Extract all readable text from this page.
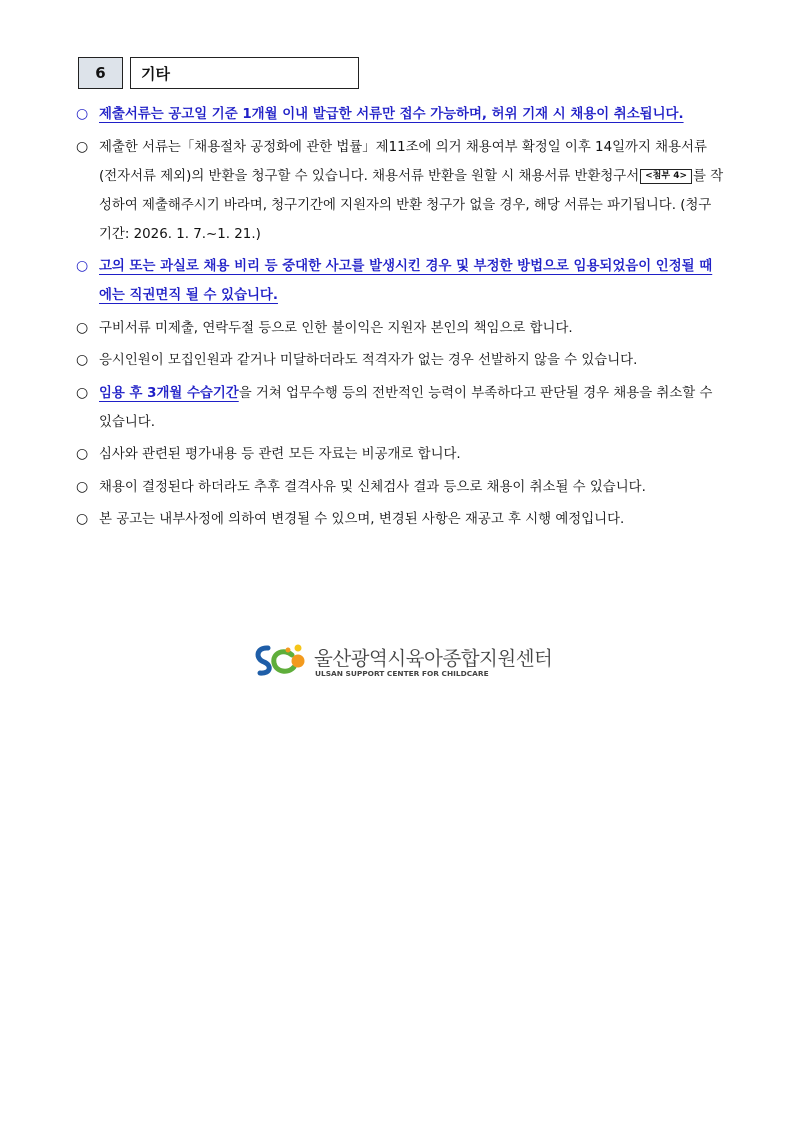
6	기타
○ 제출서류는 공고일 기준 1개월 이내 발급한 서류만 접수 가능하며, 허위 기재 시 채용이 취소됩니다.
○ 제출한 서류는「채용절차 공정화에 관한 법률」제11조에 의거 채용여부 확정일 이후 14일까지 채용서류(전자서류 제외)의 반환을 청구할 수 있습니다. 채용서류 반환을 원할 시 채용서류 반환청구서 <첨부 4> 를 작성하여 제출해주시기 바라며, 청구기간에 지원자의 반환 청구가 없을 경우, 해당 서류는 파기됩니다. (청구기간: 2026. 1. 7.~1. 21.)
○ 고의 또는 과실로 채용 비리 등 중대한 사고를 발생시킨 경우 및 부정한 방법으로 임용되었음이 인정될 때에는 직권면직 될 수 있습니다.
○ 구비서류 미제출, 연락두절 등으로 인한 불이익은 지원자 본인의 책임으로 합니다.
○ 응시인원이 모집인원과 같거나 미달하더라도 적격자가 없는 경우 선발하지 않을 수 있습니다.
○ 임용 후 3개월 수습기간을 거쳐 업무수행 등의 전반적인 능력이 부족하다고 판단될 경우 채용을 취소할 수 있습니다.
○ 심사와 관련된 평가내용 등 관련 모든 자료는 비공개로 합니다.
○ 채용이 결정된다 하더라도 추후 결격사유 및 신체검사 결과 등으로 채용이 취소될 수 있습니다.
○ 본 공고는 내부사정에 의하여 변경될 수 있으며, 변경된 사항은 재공고 후 시행 예정입니다.
울산광역시육아종합지원센터
ULSAN SUPPORT CENTER FOR CHILDCARE
